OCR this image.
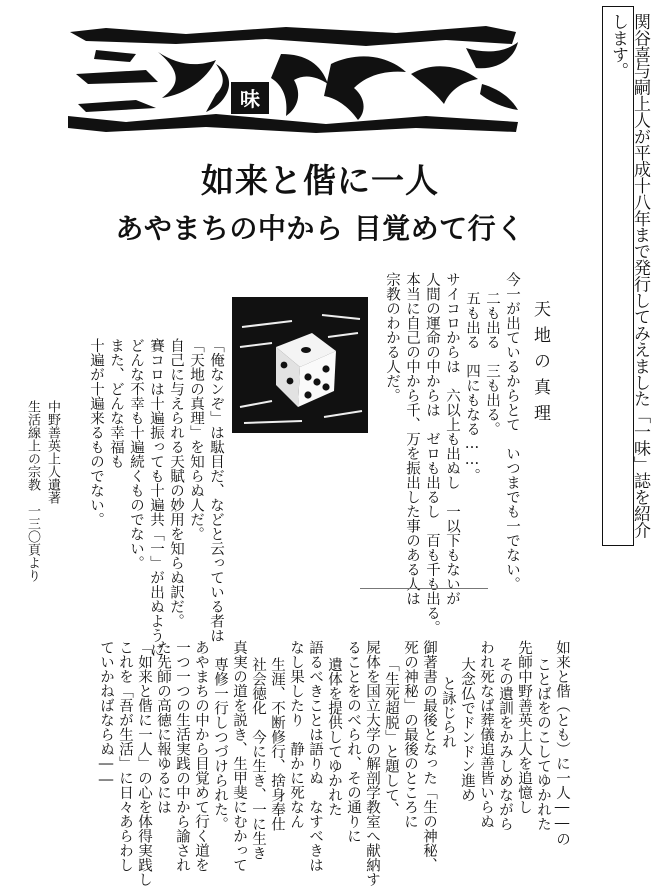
関谷喜与嗣上人が平成十八年まで発行してみえました「一味」誌を紹介します。
味
如来と偕に一人
あやまちの中から 目覚めて行く
天地の真理
今一が出ているからとて　いつまでも一でない。
二も出る　三も出る。
五も出る　四にもなる……。
サイコロからは　六以上も出ぬし　一以下もないが
人間の運命の中からは　ゼロも出るし　百も千も出る。
本当に自己の中から千、万を振出した事のある人は
宗教のわかる人だ。
「俺なンぞ」は駄目だ、などと云っている者は
「天地の真理」を知らぬ人だ。
自己に与えられる天賦の妙用を知らぬ訳だ。
賽コロは十遍振っても十遍共「一」が出ぬように
どんな不幸も十遍続くものでない。
また、どんな幸福も
十遍が十遍来るものでない。
中野善英上人遺著
生活線上の宗教　一三〇頁より
如来と偕（とも）に一人――の
ことばをのこしてゆかれた
先師中野善英上人を追憶し
その遺訓をかみしめながら
われ死なば葬儀追善皆いらぬ
大念仏でドンドン進め
と詠じられ
御著書の最後となった「生の神秘、
死の神秘」の最後のところに
「生死超脱」と題して、
屍体を国立大学の解剖学教室へ献納す
ることをのべられ、その通りに
遺体を提供してゆかれた
語るべきことは語りぬ　なすべきは
なし果したり　静かに死なん
生涯、不断修行、捨身奉仕
社会徳化　今に生き、一に生き
真実の道を説き、生甲斐にむかって
専修一行しつづけられた。
あやまちの中から目覚めて行く道を
一つ一つの生活実践の中から諭され
た先師の高徳に報ゆるには
「如来と偕に一人」の心を体得実践し
これを「吾が生活」に日々あらわし
ていかねばならぬ――
